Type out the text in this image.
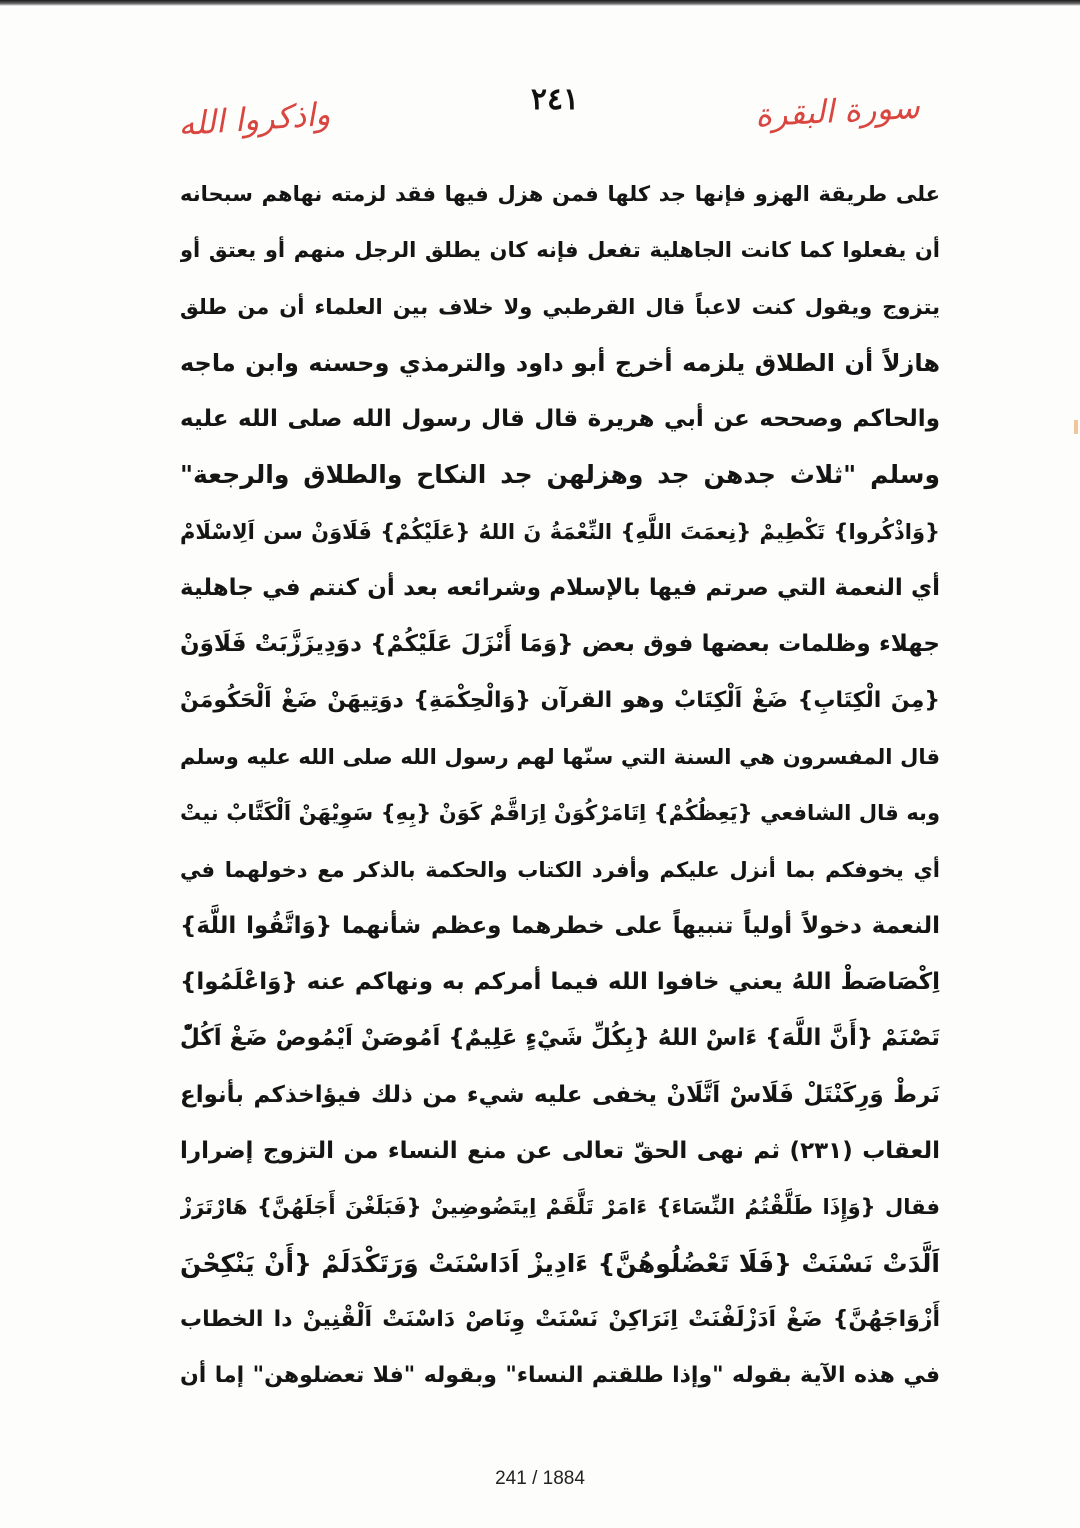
سورة البقرة
٢٤١
واذكروا الله
على طريقة الهزو فإنها جد كلها فمن هزل فيها فقد لزمته نهاهم سبحانه
أن يفعلوا كما كانت الجاهلية تفعل فإنه كان يطلق الرجل منهم أو يعتق أو
يتزوج ويقول كنت لاعباً قال القرطبي ولا خلاف بين العلماء أن من طلق
هازلاً أن الطلاق يلزمه أخرج أبو داود والترمذي وحسنه وابن ماجه
والحاكم وصححه عن أبي هريرة قال قال رسول الله صلى الله عليه
وسلم "ثلاث جدهن جد وهزلهن جد النكاح والطلاق والرجعة"
{وَاذْكُروا} تَكْطِيمْ {نِعمَتَ اللَّهِ} النِّعْمَةُ نَ اللهُ {عَلَيْكُمْ} فَلَاوَنْ سن اَلِاسْلَامْ
أي النعمة التي صرتم فيها بالإسلام وشرائعه بعد أن كنتم في جاهلية
جهلاء وظلمات بعضها فوق بعض {وَمَا أَنْزَلَ عَلَيْكُمْ} دوَدِيزَزَّبَتْ فَلَاوَنْ
{مِنَ الْكِتَابِ} ضَغْ اَلْكِتَابْ وهو القرآن {وَالْحِكْمَةِ} دوَتِيهَنْ ضَغْ اَلْحَكُومَنْ
قال المفسرون هي السنة التي سنّها لهم رسول الله صلى الله عليه وسلم
وبه قال الشافعي {يَعِظُكُمْ} اِتَامَرْكُوَنْ اِرَاقَّمْ كَوَنْ {بِهِ} سَوِيْهَنْ اَلْكَتَّابْ نيتْ
أي يخوفكم بما أنزل عليكم وأفرد الكتاب والحكمة بالذكر مع دخولهما في
النعمة دخولاً أولياً تنبيهاً على خطرهما وعظم شأنهما {وَاتَّقُوا اللَّهَ}
اِكْصَاصَطْ اللهُ يعني خافوا الله فيما أمركم به ونهاكم عنه {وَاعْلَمُوا}
تَصْنَمْ {أَنَّ اللَّهَ} ءَاسْ اللهُ {بِكُلِّ شَيْءٍ عَلِيمٌ} اَمُوصَنْ اَيْمُوصْ ضَغْ اَكُلّْ
نَرطْ وَرِكَنْتَلْ فَلَاسْ اَتَّلَانْ يخفى عليه شيء من ذلك فيؤاخذكم بأنواع
العقاب (٢٣١) ثم نهى الحقّ تعالى عن منع النساء من التزوج إضرارا
فقال {وَإِذَا طَلَّقْتُمُ النِّسَاءَ} ءَامَرْ تَلَّقَمْ اِيتَضُوضِينْ {فَبَلَغْنَ أَجَلَهُنَّ} هَارْتَرَزْ
اَلَّدَتْ نَسْنَتْ {فَلَا تَعْضُلُوهُنَّ} ءَادِيزْ اَدَاسْنَتْ وَرَتَكْدَلَمْ {أَنْ يَنْكِحْنَ
أَزْوَاجَهُنَّ} ضَغْ اَدَزْلَفْنَتْ اِنَرَاكِنْ نَسْنَتْ وِنَاصْ دَاسْنَتْ اَلْقْنِينْ دا الخطاب
في هذه الآية بقوله "وإذا طلقتم النساء" وبقوله "فلا تعضلوهن" إما أن
241 / 1884
